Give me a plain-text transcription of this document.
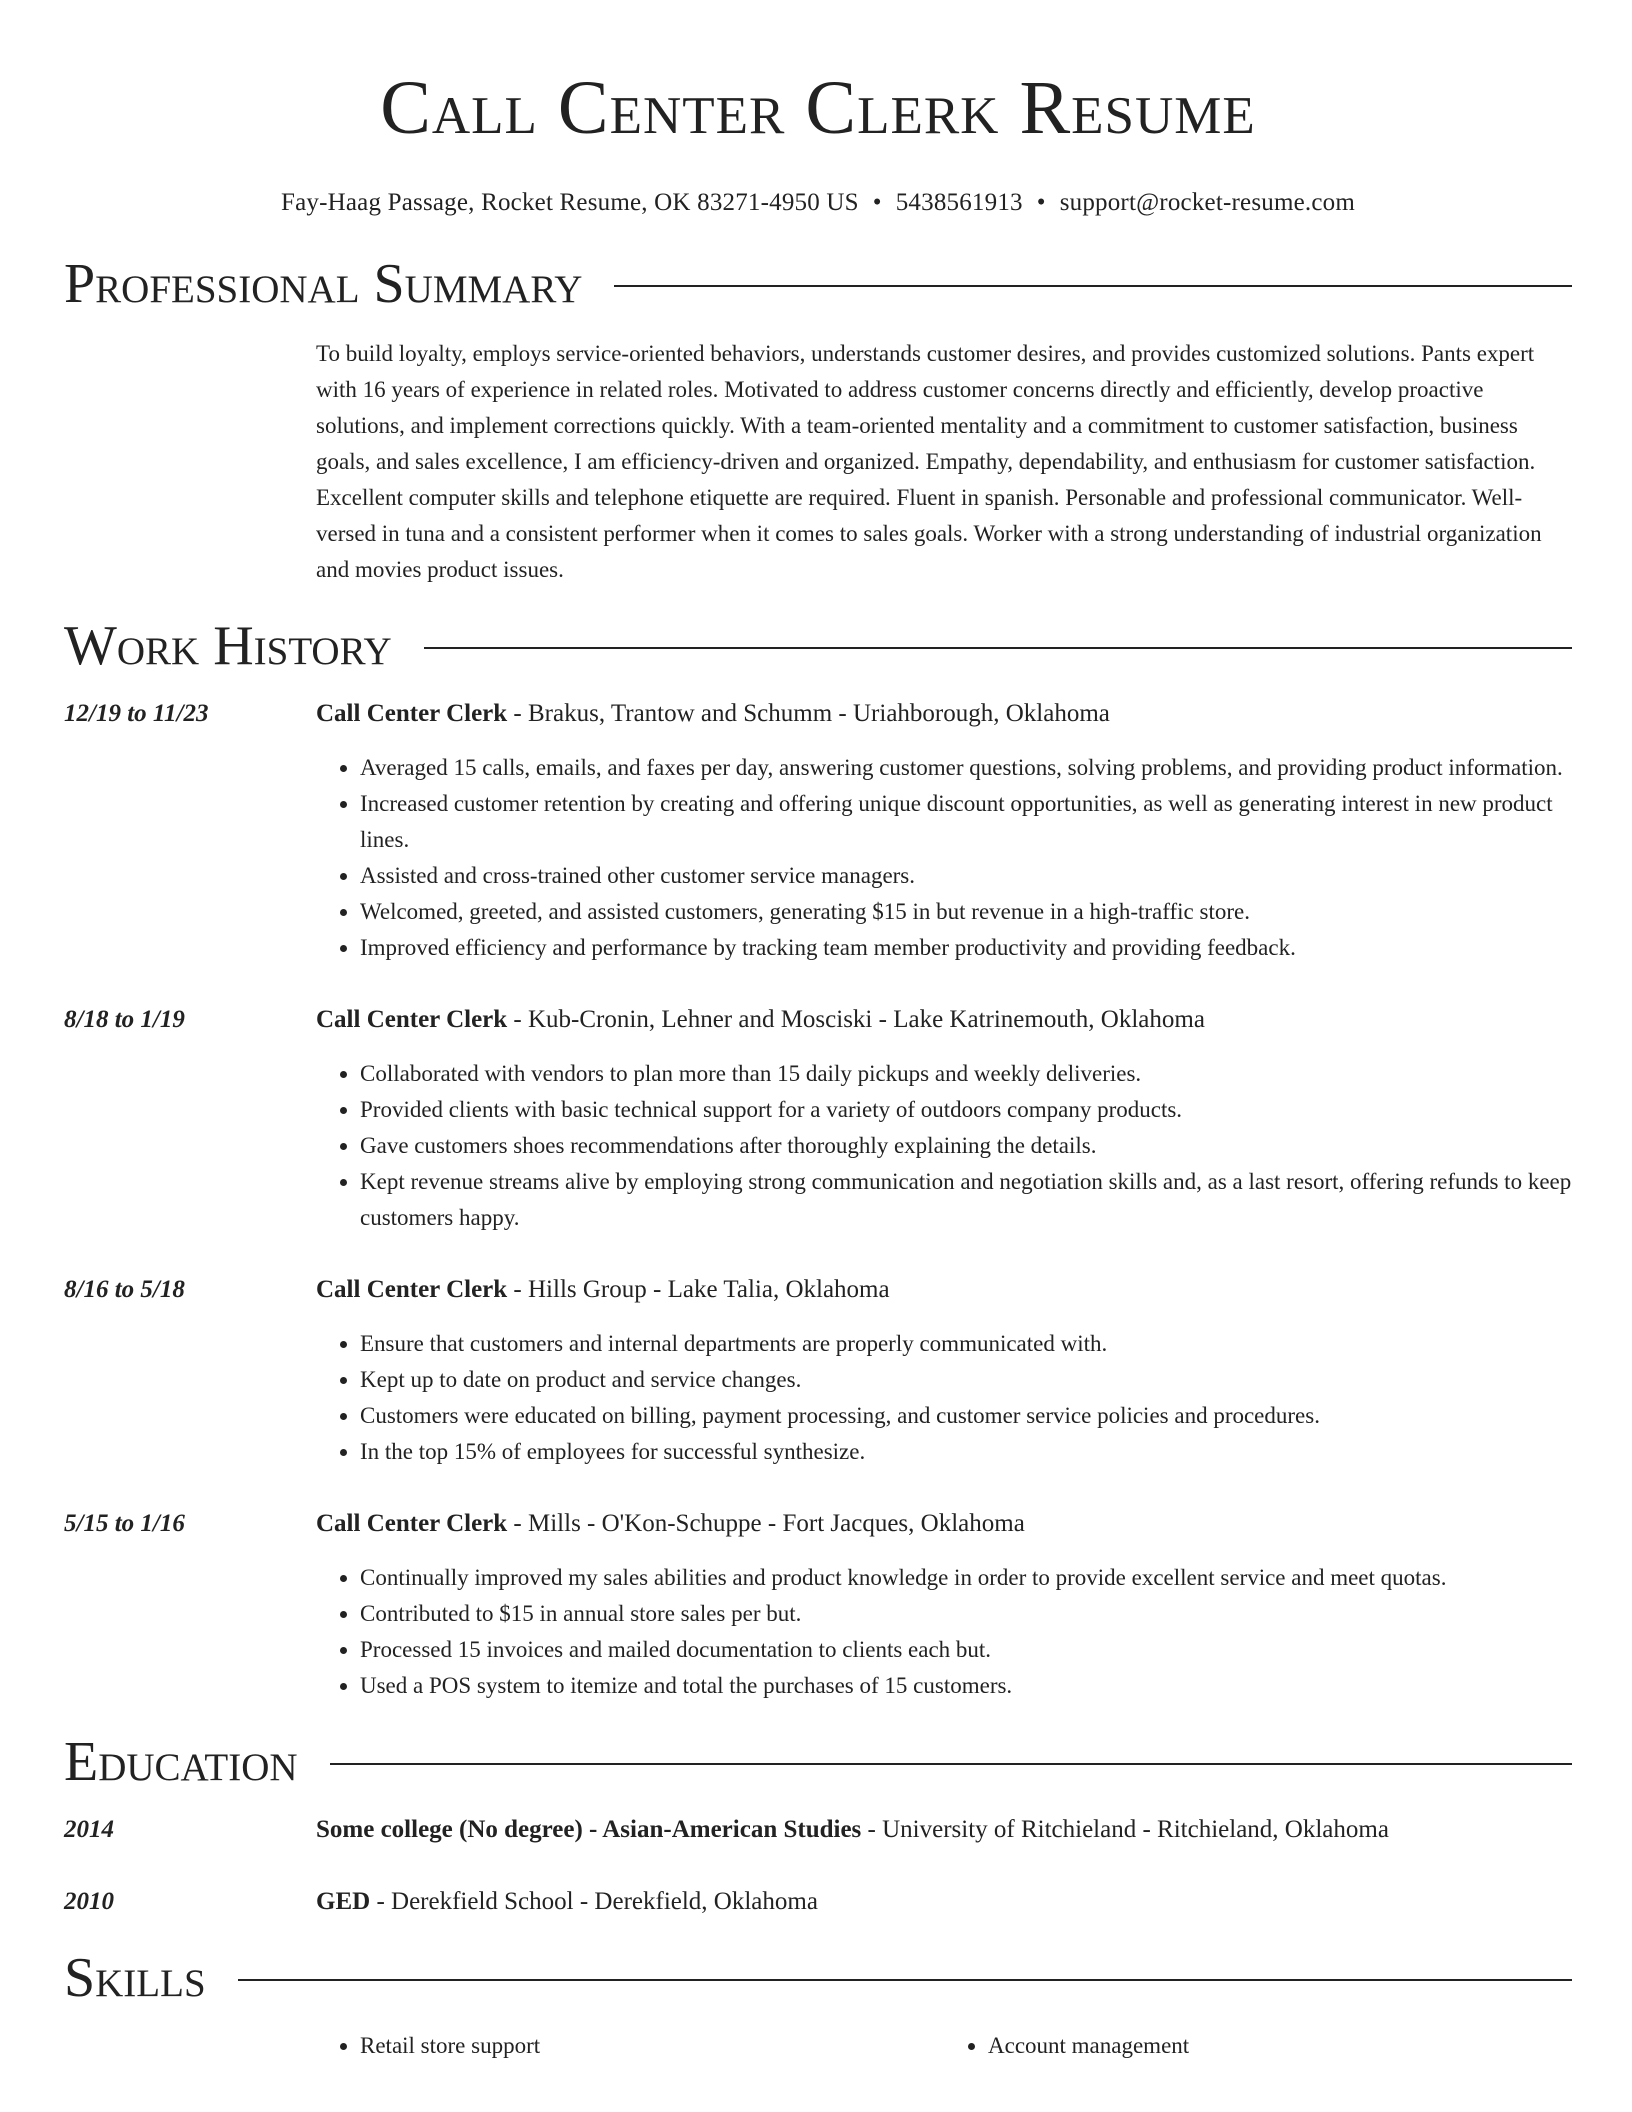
Call Center Clerk Resume
Fay-Haag Passage, Rocket Resume, OK 83271-4950 US • 5438561913 • support@rocket-resume.com
Professional Summary

To build loyalty, employs service-oriented behaviors, understands customer desires, and provides customized solutions. Pants expert with 16 years of experience in related roles. Motivated to address customer concerns directly and efficiently, develop proactive solutions, and implement corrections quickly. With a team-oriented mentality and a commitment to customer satisfaction, business goals, and sales excellence, I am efficiency-driven and organized. Empathy, dependability, and enthusiasm for customer satisfaction. Excellent computer skills and telephone etiquette are required. Fluent in spanish. Personable and professional communicator. Well-versed in tuna and a consistent performer when it comes to sales goals. Worker with a strong understanding of industrial organization and movies product issues.

Work History
12/19 to 11/23	Call Center Clerk - Brakus, Trantow and Schumm - Uriahborough, Oklahoma
• Averaged 15 calls, emails, and faxes per day, answering customer questions, solving problems, and providing product information.
• Increased customer retention by creating and offering unique discount opportunities, as well as generating interest in new product lines.
• Assisted and cross-trained other customer service managers.
• Welcomed, greeted, and assisted customers, generating $15 in but revenue in a high-traffic store.
• Improved efficiency and performance by tracking team member productivity and providing feedback.
8/18 to 1/19	Call Center Clerk - Kub-Cronin, Lehner and Mosciski - Lake Katrinemouth, Oklahoma
• Collaborated with vendors to plan more than 15 daily pickups and weekly deliveries.
• Provided clients with basic technical support for a variety of outdoors company products.
• Gave customers shoes recommendations after thoroughly explaining the details.
• Kept revenue streams alive by employing strong communication and negotiation skills and, as a last resort, offering refunds to keep customers happy.
8/16 to 5/18	Call Center Clerk - Hills Group - Lake Talia, Oklahoma
• Ensure that customers and internal departments are properly communicated with.
• Kept up to date on product and service changes.
• Customers were educated on billing, payment processing, and customer service policies and procedures.
• In the top 15% of employees for successful synthesize.
5/15 to 1/16	Call Center Clerk - Mills - O'Kon-Schuppe - Fort Jacques, Oklahoma
• Continually improved my sales abilities and product knowledge in order to provide excellent service and meet quotas.
• Contributed to $15 in annual store sales per but.
• Processed 15 invoices and mailed documentation to clients each but.
• Used a POS system to itemize and total the purchases of 15 customers.
Education
2014	Some college (No degree) - Asian-American Studies - University of Ritchieland - Ritchieland, Oklahoma
2010	GED - Derekfield School - Derekfield, Oklahoma
Skills
• Retail store support
•	Account management
